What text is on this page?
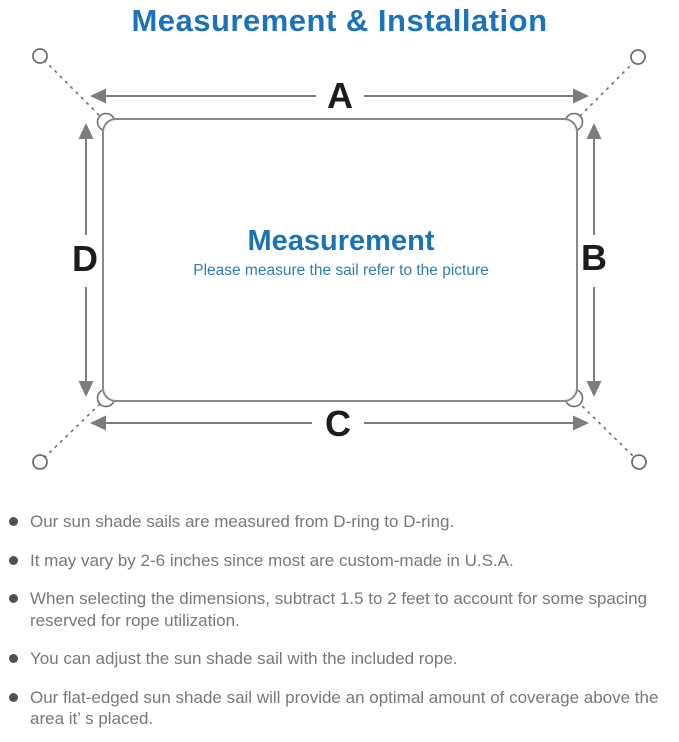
Measurement & Installation
A
B
C
D	Measurement
Please measure the sail refer to the picture
Our sun shade sails are measured from D-ring to D-ring.
It may vary by 2-6 inches since most are custom-made in U.S.A.
When selecting the dimensions, subtract 1.5 to 2 feet to account for some spacing reserved for rope utilization.
You can adjust the sun shade sail with the included rope.
Our flat-edged sun shade sail will provide an optimal amount of coverage above the area it’ s placed.
